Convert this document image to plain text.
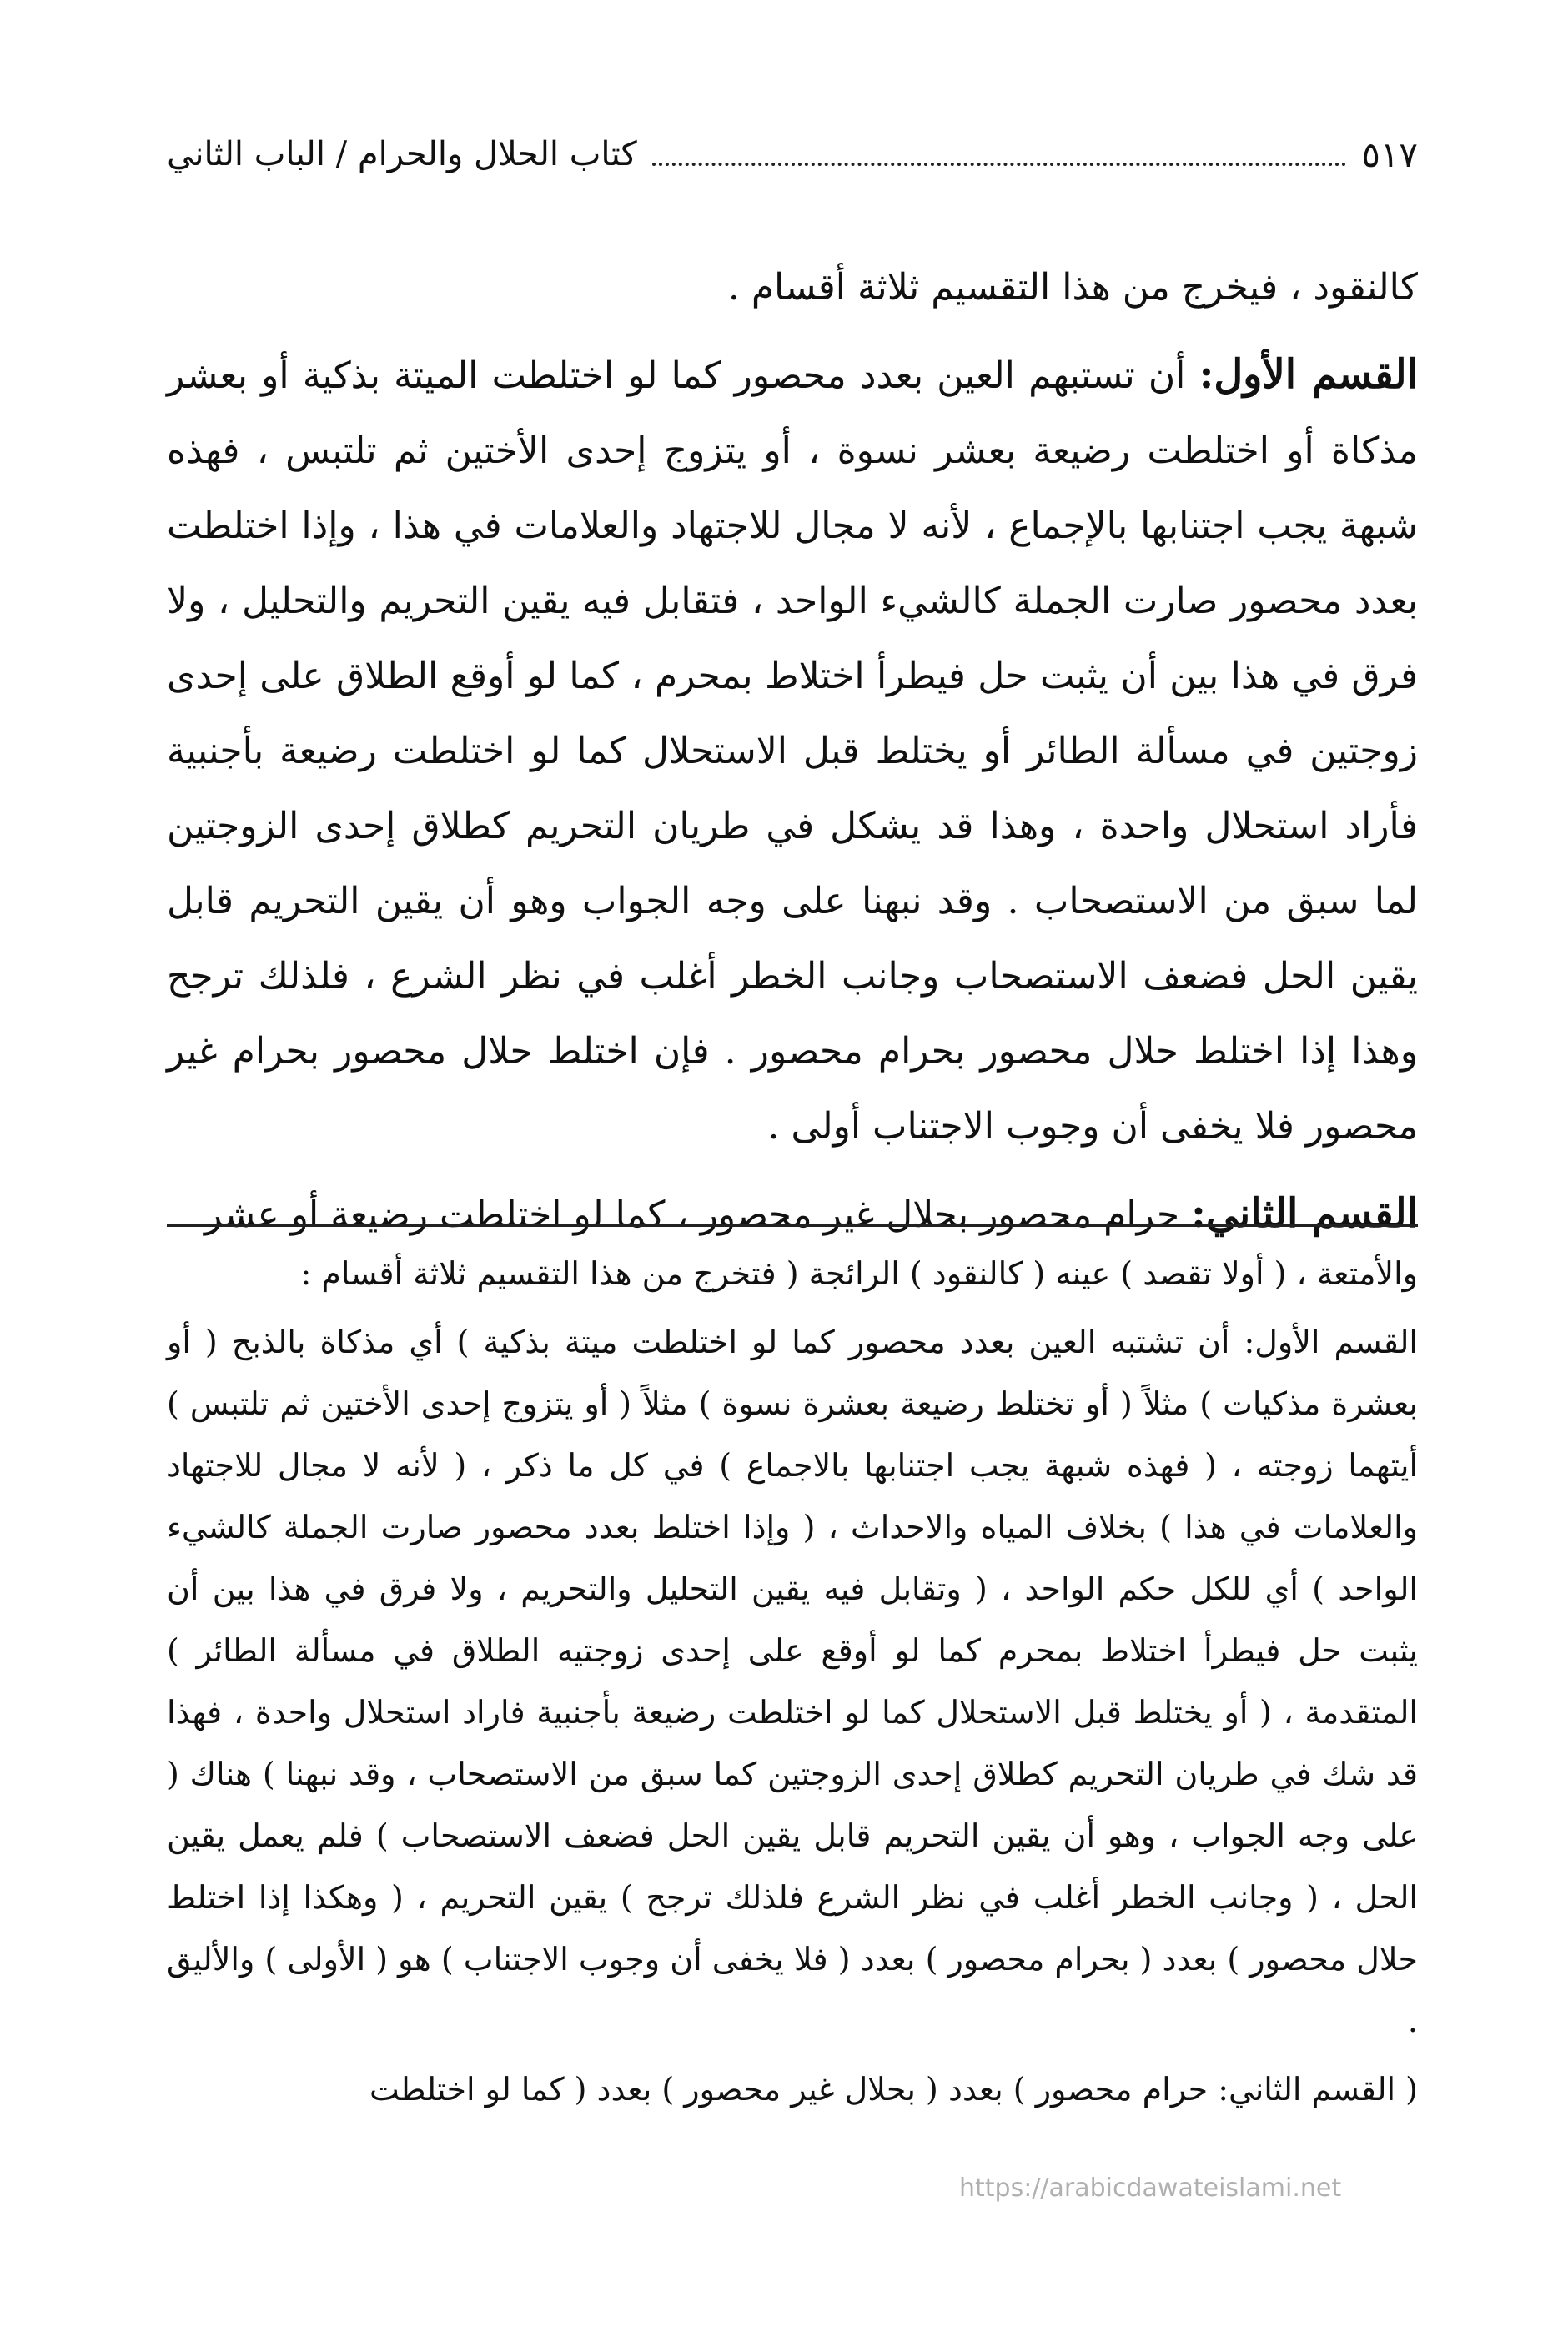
كتاب الحلال والحرام / الباب الثاني	٥١٧

كالنقود ، فيخرج من هذا التقسيم ثلاثة أقسام .

القسم الأول: أن تستبهم العين بعدد محصور كما لو اختلطت الميتة بذكية أو بعشر مذكاة أو اختلطت رضيعة بعشر نسوة ، أو يتزوج إحدى الأختين ثم تلتبس ، فهذه شبهة يجب اجتنابها بالإجماع ، لأنه لا مجال للاجتهاد والعلامات في هذا ، وإذا اختلطت بعدد محصور صارت الجملة كالشيء الواحد ، فتقابل فيه يقين التحريم والتحليل ، ولا فرق في هذا بين أن يثبت حل فيطرأ اختلاط بمحرم ، كما لو أوقع الطلاق على إحدى زوجتين في مسألة الطائر أو يختلط قبل الاستحلال كما لو اختلطت رضيعة بأجنبية فأراد استحلال واحدة ، وهذا قد يشكل في طريان التحريم كطلاق إحدى الزوجتين لما سبق من الاستصحاب . وقد نبهنا على وجه الجواب وهو أن يقين التحريم قابل يقين الحل فضعف الاستصحاب وجانب الخطر أغلب في نظر الشرع ، فلذلك ترجح وهذا إذا اختلط حلال محصور بحرام محصور . فإن اختلط حلال محصور بحرام غير محصور فلا يخفى أن وجوب الاجتناب أولى .

القسم الثاني: حرام محصور بحلال غير محصور ، كما لو اختلطت رضيعة أو عشر

والأمتعة ، ( أولا تقصد ) عينه ( كالنقود ) الرائجة ( فتخرج من هذا التقسيم ثلاثة أقسام :

القسم الأول: أن تشتبه العين بعدد محصور كما لو اختلطت ميتة بذكية ) أي مذكاة بالذبح ( أو بعشرة مذكيات ) مثلاً ( أو تختلط رضيعة بعشرة نسوة ) مثلاً ( أو يتزوج إحدى الأختين ثم تلتبس ) أيتهما زوجته ، ( فهذه شبهة يجب اجتنابها بالاجماع ) في كل ما ذكر ، ( لأنه لا مجال للاجتهاد والعلامات في هذا ) بخلاف المياه والاحداث ، ( وإذا اختلط بعدد محصور صارت الجملة كالشيء الواحد ) أي للكل حكم الواحد ، ( وتقابل فيه يقين التحليل والتحريم ، ولا فرق في هذا بين أن يثبت حل فيطرأ اختلاط بمحرم كما لو أوقع على إحدى زوجتيه الطلاق في مسألة الطائر ) المتقدمة ، ( أو يختلط قبل الاستحلال كما لو اختلطت رضيعة بأجنبية فاراد استحلال واحدة ، فهذا قد شك في طريان التحريم كطلاق إحدى الزوجتين كما سبق من الاستصحاب ، وقد نبهنا ) هناك ( على وجه الجواب ، وهو أن يقين التحريم قابل يقين الحل فضعف الاستصحاب ) فلم يعمل يقين الحل ، ( وجانب الخطر أغلب في نظر الشرع فلذلك ترجح ) يقين التحريم ، ( وهكذا إذا اختلط حلال محصور ) بعدد ( بحرام محصور ) بعدد ( فلا يخفى أن وجوب الاجتناب ) هو ( الأولى ) والأليق .

( القسم الثاني: حرام محصور ) بعدد ( بحلال غير محصور ) بعدد ( كما لو اختلطت

https://arabicdawateislami.net
